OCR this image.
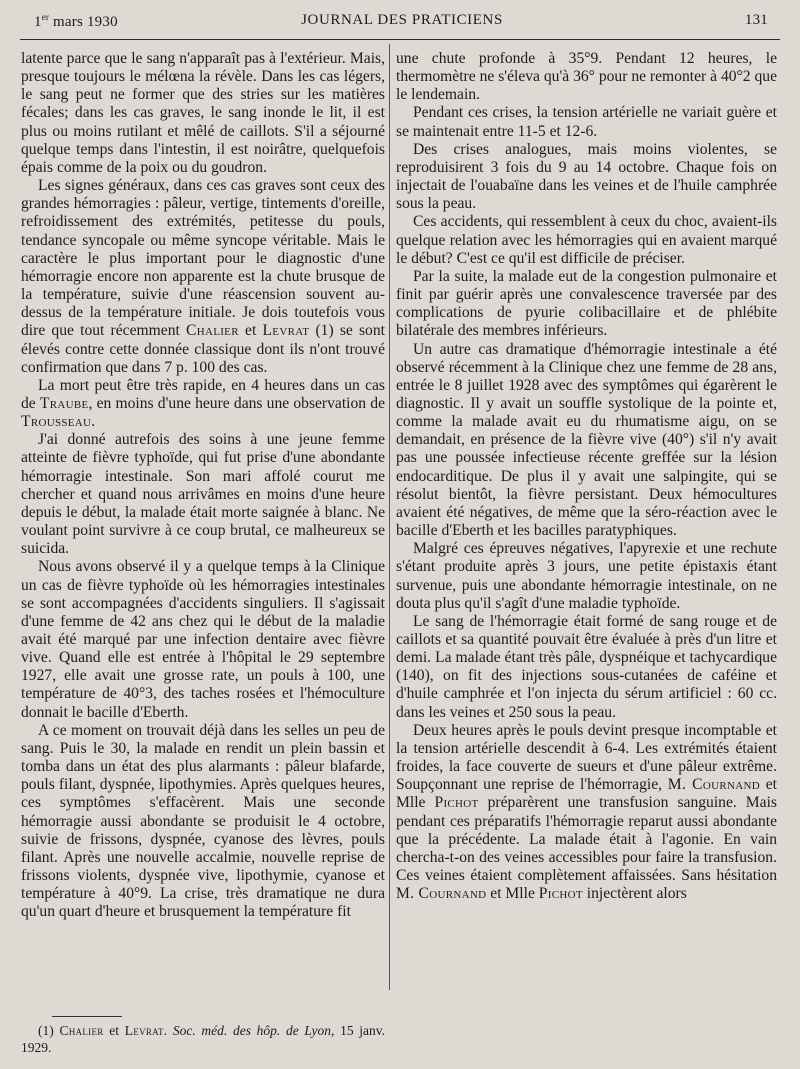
1er mars 1930	JOURNAL DES PRATICIENS	131

latente parce que le sang n'apparaît pas à l'extérieur. Mais, presque toujours le mélœna la révèle. Dans les cas légers, le sang peut ne former que des stries sur les matières fécales; dans les cas graves, le sang inonde le lit, il est plus ou moins rutilant et mêlé de caillots. S'il a séjourné quelque temps dans l'intestin, il est noirâtre, quelquefois épais comme de la poix ou du goudron.

Les signes généraux, dans ces cas graves sont ceux des grandes hémorragies : pâleur, vertige, tintements d'oreille, refroidissement des extrémités, petitesse du pouls, tendance syncopale ou même syncope véritable. Mais le caractère le plus important pour le diagnostic d'une hémorragie encore non apparente est la chute brusque de la température, suivie d'une réascension souvent au-dessus de la température initiale. Je dois toutefois vous dire que tout récemment Chalier et Levrat (1) se sont élevés contre cette donnée classique dont ils n'ont trouvé confirmation que dans 7 p. 100 des cas.

La mort peut être très rapide, en 4 heures dans un cas de Traube, en moins d'une heure dans une observation de Trousseau.

J'ai donné autrefois des soins à une jeune femme atteinte de fièvre typhoïde, qui fut prise d'une abondante hémorragie intestinale. Son mari affolé courut me chercher et quand nous arrivâmes en moins d'une heure depuis le début, la malade était morte saignée à blanc. Ne voulant point survivre à ce coup brutal, ce malheureux se suicida.

Nous avons observé il y a quelque temps à la Clinique un cas de fièvre typhoïde où les hémorragies intestinales se sont accompagnées d'accidents singuliers. Il s'agissait d'une femme de 42 ans chez qui le début de la maladie avait été marqué par une infection dentaire avec fièvre vive. Quand elle est entrée à l'hôpital le 29 septembre 1927, elle avait une grosse rate, un pouls à 100, une température de 40°3, des taches rosées et l'hémoculture donnait le bacille d'Eberth.

A ce moment on trouvait déjà dans les selles un peu de sang. Puis le 30, la malade en rendit un plein bassin et tomba dans un état des plus alarmants : pâleur blafarde, pouls filant, dyspnée, lipothymies. Après quelques heures, ces symptômes s'effacèrent. Mais une seconde hémorragie aussi abondante se produisit le 4 octobre, suivie de frissons, dyspnée, cyanose des lèvres, pouls filant. Après une nouvelle accalmie, nouvelle reprise de frissons violents, dyspnée vive, lipothymie, cyanose et température à 40°9. La crise, très dramatique ne dura qu'un quart d'heure et brusquement la température fit

une chute profonde à 35°9. Pendant 12 heures, le thermomètre ne s'éleva qu'à 36° pour ne remonter à 40°2 que le lendemain.

Pendant ces crises, la tension artérielle ne variait guère et se maintenait entre 11-5 et 12-6.

Des crises analogues, mais moins violentes, se reproduisirent 3 fois du 9 au 14 octobre. Chaque fois on injectait de l'ouabaïne dans les veines et de l'huile camphrée sous la peau.

Ces accidents, qui ressemblent à ceux du choc, avaient-ils quelque relation avec les hémorragies qui en avaient marqué le début? C'est ce qu'il est difficile de préciser.

Par la suite, la malade eut de la congestion pulmonaire et finit par guérir après une convalescence traversée par des complications de pyurie colibacillaire et de phlébite bilatérale des membres inférieurs.

Un autre cas dramatique d'hémorragie intestinale a été observé récemment à la Clinique chez une femme de 28 ans, entrée le 8 juillet 1928 avec des symptômes qui égarèrent le diagnostic. Il y avait un souffle systolique de la pointe et, comme la malade avait eu du rhumatisme aigu, on se demandait, en présence de la fièvre vive (40°) s'il n'y avait pas une poussée infectieuse récente greffée sur la lésion endocarditique. De plus il y avait une salpingite, qui se résolut bientôt, la fièvre persistant. Deux hémocultures avaient été négatives, de même que la séro-réaction avec le bacille d'Eberth et les bacilles paratyphiques.

Malgré ces épreuves négatives, l'apyrexie et une rechute s'étant produite après 3 jours, une petite épistaxis étant survenue, puis une abondante hémorragie intestinale, on ne douta plus qu'il s'agît d'une maladie typhoïde.

Le sang de l'hémorragie était formé de sang rouge et de caillots et sa quantité pouvait être évaluée à près d'un litre et demi. La malade étant très pâle, dyspnéique et tachycardique (140), on fit des injections sous-cutanées de caféine et d'huile camphrée et l'on injecta du sérum artificiel : 60 cc. dans les veines et 250 sous la peau.

Deux heures après le pouls devint presque incomptable et la tension artérielle descendit à 6-4. Les extrémités étaient froides, la face couverte de sueurs et d'une pâleur extrême. Soupçonnant une reprise de l'hémorragie, M. Cournand et Mlle Pichot préparèrent une transfusion sanguine. Mais pendant ces préparatifs l'hémorragie reparut aussi abondante que la précédente. La malade était à l'agonie. En vain chercha-t-on des veines accessibles pour faire la transfusion. Ces veines étaient complètement affaissées. Sans hésitation M. Cournand et Mlle Pichot injectèrent alors

(1) Chalier et Levrat. Soc. méd. des hôp. de Lyon, 15 janv. 1929.
